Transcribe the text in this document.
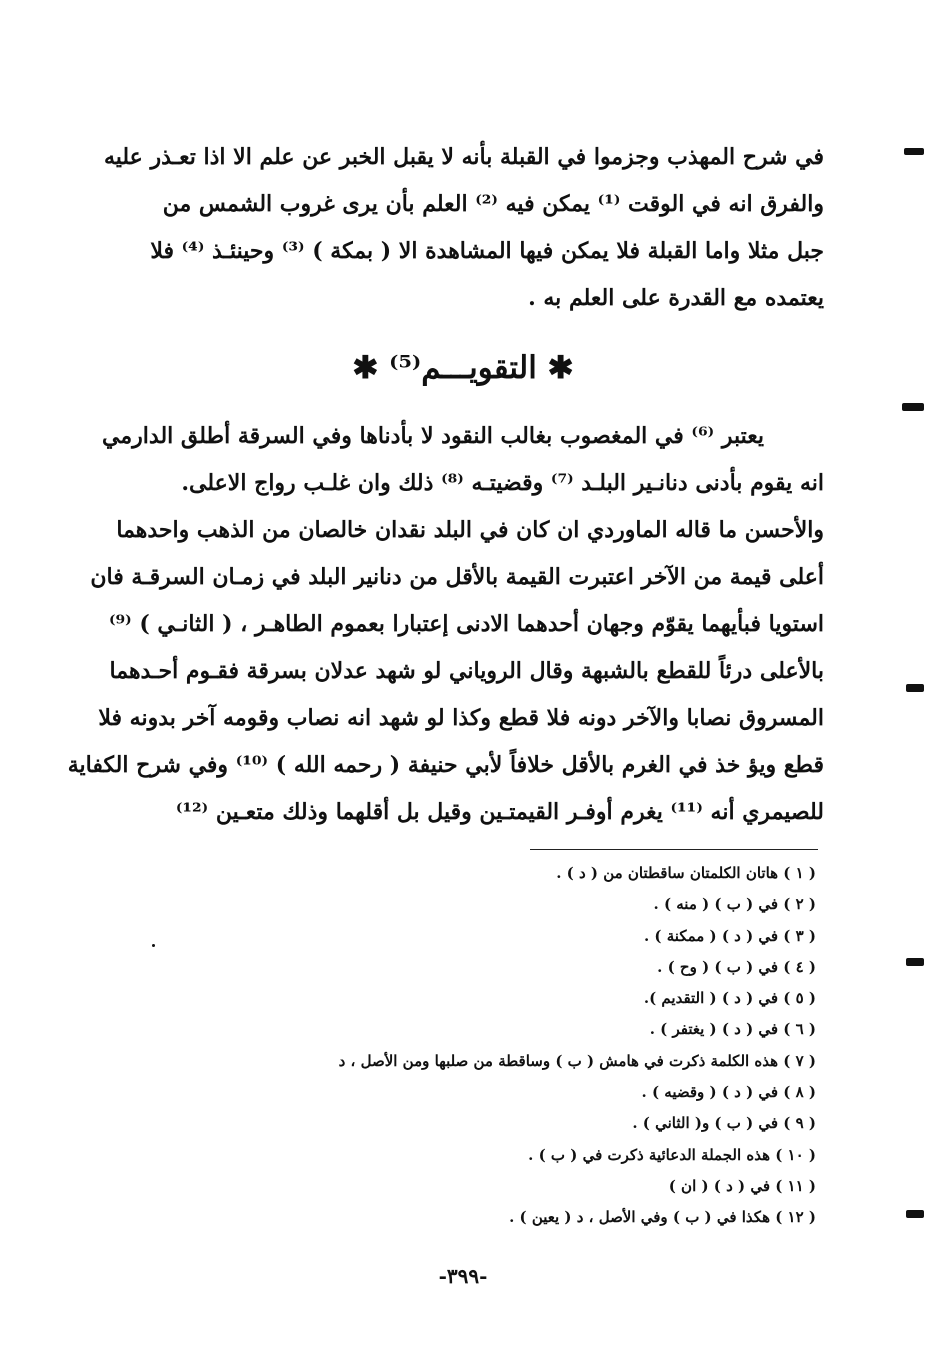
في شرح المهذب وجزموا في القبلة بأنه لا يقبل الخبر عن علم الا اذا تعـذر عليه
والفرق انه في الوقت ⁽¹⁾ يمكن فيه ⁽²⁾ العلم بأن يرى غروب الشمس من
جبل مثلا واما القبلة فلا يمكن فيها المشاهدة الا ( بمكة ) ⁽³⁾ وحينئـذ ⁽⁴⁾ فلا
يعتمده مع القدرة على العلم به .
✱ التقويـــم⁽⁵⁾ ✱
يعتبر ⁽⁶⁾ في المغصوب بغالب النقود لا بأدناها وفي السرقة أطلق الدارمي
انه يقوم بأدنى دنانـير البلـد ⁽⁷⁾ وقضيتـه ⁽⁸⁾ ذلك وان غلـب رواج الاعلى.
والأحسن ما قاله الماوردي ان كان في البلد نقدان خالصان من الذهب واحدهما
أعلى قيمة من الآخر اعتبرت القيمة بالأقل من دنانير البلد في زمـان السرقـة فان
استويا فبأيهما يقوّم وجهان أحدهما الادنى إعتبارا بعموم الطاهـر ، ( الثانـي ) ⁽⁹⁾
بالأعلى درئاً للقطع بالشبهة وقال الروياني لو شهد عدلان بسرقة فقـوم أحـدهما
المسروق نصابا والآخر دونه فلا قطع وكذا لو شهد انه نصاب وقومه آخر بدونه فلا
قطع ويؤ خذ في الغرم بالأقل خلافاً لأبي حنيفة ( رحمه الله ) ⁽¹⁰⁾ وفي شرح الكفاية
للصيمري أنه ⁽¹¹⁾ يغرم أوفـر القيمتـين وقيل بل أقلهما وذلك متعـين ⁽¹²⁾
( ١ ) هاتان الكلمتان ساقطتان من ( د ) .
( ٢ ) في ( ب ) ( منه ) .
( ٣ ) في ( د ) ( ممكنة ) .
( ٤ ) في ( ب ) ( وح ) .
( ٥ ) في ( د ) ( التقديم ).
( ٦ ) في ( د ) ( يغتفر ) .
( ٧ ) هذه الكلمة ذكرت في هامش ( ب ) وساقطة من صلبها ومن الأصل ، د
( ٨ ) في ( د ) ( وقضيه ) .
( ٩ ) في ( ب ) و( الثاني ) .
( ١٠ ) هذه الجملة الدعائية ذكرت في ( ب ) .
( ١١ ) في ( د ) ( ان )
( ١٢ ) هكذا في ( ب ) وفي الأصل ، د ( يعين ) .
-٣٩٩-
